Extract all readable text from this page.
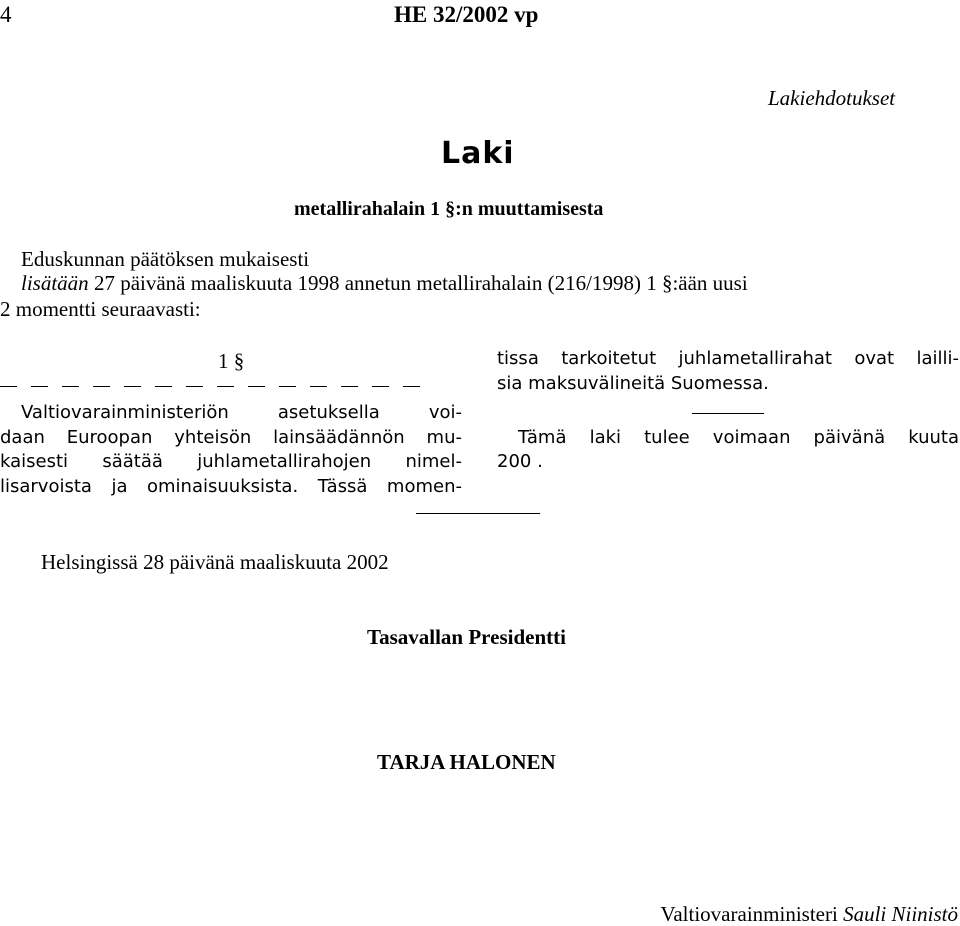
4	HE 32/2002 vp
Lakiehdotukset
Laki
metallirahalain 1 §:n muuttamisesta
Eduskunnan päätöksen mukaisesti
lisätään 27 päivänä maaliskuuta 1998 annetun metallirahalain (216/1998) 1 §:ään uusi
2 momentti seuraavasti:
1 §
Valtiovarainministeriön asetuksella voi-
daan Euroopan yhteisön lainsäädännön mu-
kaisesti säätää juhlametallirahojen nimel-
lisarvoista ja ominaisuuksista. Tässä momen-
tissa tarkoitetut juhlametallirahat ovat lailli-
sia maksuvälineitä Suomessa.
Tämä laki tulee voimaan päivänä kuuta
200 .
Helsingissä 28 päivänä maaliskuuta 2002
Tasavallan Presidentti
TARJA HALONEN
Valtiovarainministeri Sauli Niinistö
